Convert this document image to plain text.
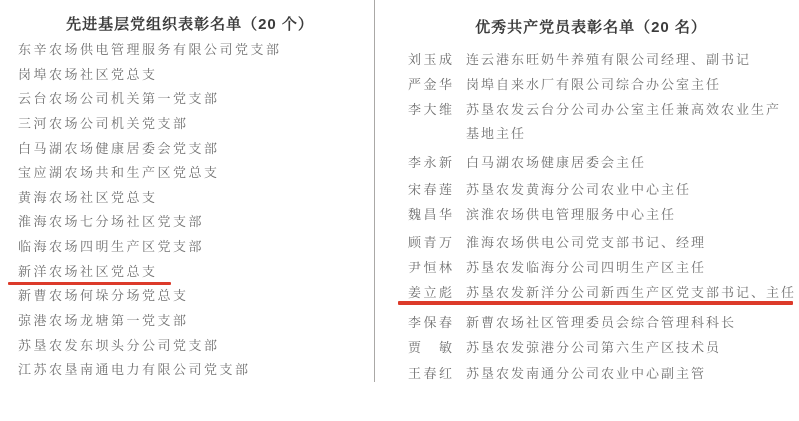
先进基层党组织表彰名单（20 个）
东辛农场供电管理服务有限公司党支部
岗埠农场社区党总支
云台农场公司机关第一党支部
三河农场公司机关党支部
白马湖农场健康居委会党支部
宝应湖农场共和生产区党总支
黄海农场社区党总支
淮海农场七分场社区党支部
临海农场四明生产区党支部
新洋农场社区党总支
新曹农场何垛分场党总支
弶港农场龙塘第一党支部
苏垦农发东坝头分公司党支部
江苏农垦南通电力有限公司党支部
优秀共产党员表彰名单（20 名）
刘玉成 连云港东旺奶牛养殖有限公司经理、副书记
严金华 岗埠自来水厂有限公司综合办公室主任
李大维 苏垦农发云台分公司办公室主任兼高效农业生产
基地主任
李永新 白马湖农场健康居委会主任
宋春莲 苏垦农发黄海分公司农业中心主任
魏昌华 滨淮农场供电管理服务中心主任
顾青万 淮海农场供电公司党支部书记、经理
尹恒林 苏垦农发临海分公司四明生产区主任
姜立彪 苏垦农发新洋分公司新西生产区党支部书记、主任
李保春 新曹农场社区管理委员会综合管理科科长
贾　敏 苏垦农发弶港分公司第六生产区技术员
王春红 苏垦农发南通分公司农业中心副主管
